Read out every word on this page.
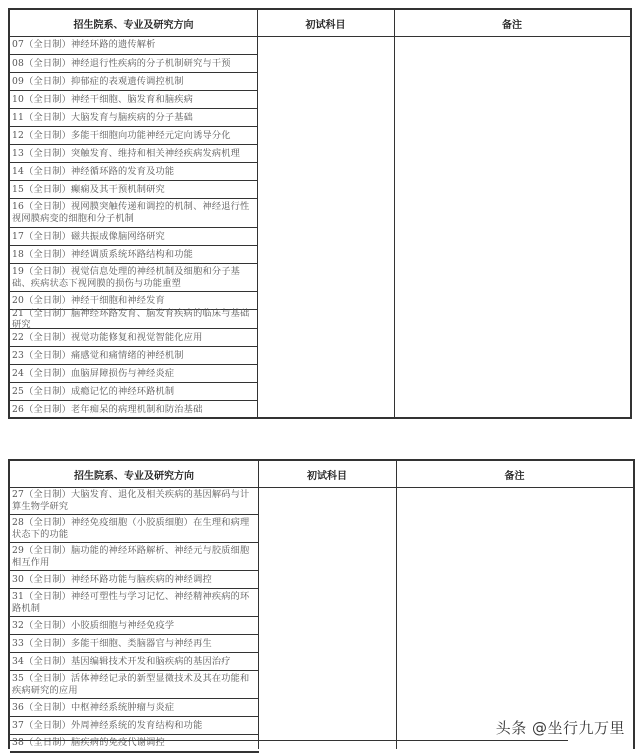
招生院系、专业及研究方向	初试科目	备注
07（全日制）神经环路的遗传解析
08（全日制）神经退行性疾病的分子机制研究与干预
09（全日制）抑郁症的表观遗传调控机制
10（全日制）神经干细胞、脑发育和脑疾病
11（全日制）大脑发育与脑疾病的分子基础
12（全日制）多能干细胞向功能神经元定向诱导分化
13（全日制）突触发育、维持和相关神经疾病发病机理
14（全日制）神经循环路的发育及功能
15（全日制）癫痫及其干预机制研究
16（全日制）视网膜突触传递和调控的机制、神经退行性视网膜病变的细胞和分子机制
17（全日制）磁共振成像脑网络研究
18（全日制）神经调质系统环路结构和功能
19（全日制）视觉信息处理的神经机制及细胞和分子基础、疾病状态下视网膜的损伤与功能重塑
20（全日制）神经干细胞和神经发育
21（全日制）脑神经环路发育、脑发育疾病的临床与基础研究
22（全日制）视觉功能修复和视觉智能化应用
23（全日制）痛感觉和痛情绪的神经机制
24（全日制）血脑屏障损伤与神经炎症
25（全日制）成瘾记忆的神经环路机制
26（全日制）老年痴呆的病理机制和防治基础
招生院系、专业及研究方向	初试科目	备注
27（全日制）大脑发育、退化及相关疾病的基因解码与计算生物学研究
28（全日制）神经免疫细胞（小胶质细胞）在生理和病理状态下的功能
29（全日制）脑功能的神经环路解析、神经元与胶质细胞相互作用
30（全日制）神经环路功能与脑疾病的神经调控
31（全日制）神经可塑性与学习记忆、神经精神疾病的环路机制
32（全日制）小胶质细胞与神经免疫学
33（全日制）多能干细胞、类脑器官与神经再生
34（全日制）基因编辑技术开发和脑疾病的基因治疗
35（全日制）活体神经记录的新型显微技术及其在功能和疾病研究的应用
36（全日制）中枢神经系统肿瘤与炎症
37（全日制）外周神经系统的发育结构和功能
38（全日制）脑疾病的免疫代谢调控
头条 @坐行九万里
